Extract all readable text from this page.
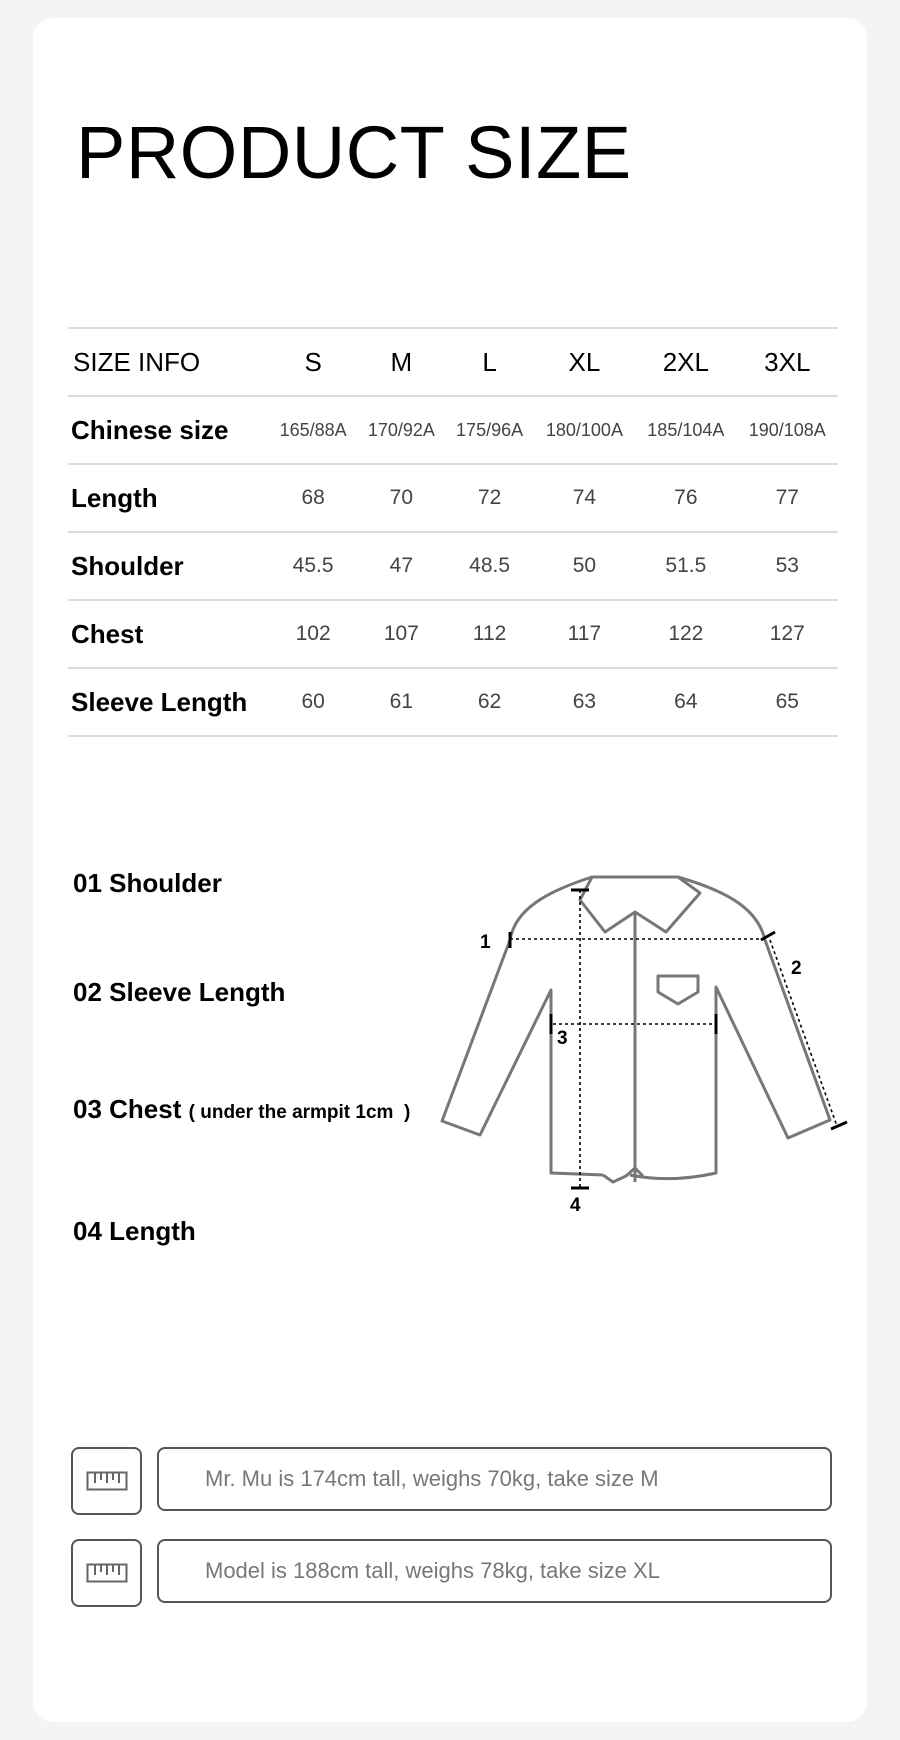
PRODUCT SIZE
SIZE INFO	S	M	L	XL	2XL	3XL
Chinese size	165/88A	170/92A	175/96A	180/100A	185/104A	190/108A
Length	68	70	72	74	76	77
Shoulder	45.5	47	48.5	50	51.5	53
Chest	102	107	112	117	122	127
Sleeve Length	60	61	62	63	64	65
01 Shoulder
02 Sleeve Length
03 Chest ( under the armpit 1cm  )
04 Length
1
2
3
4
Mr. Mu is 174cm tall, weighs 70kg, take size M
Model is 188cm tall, weighs 78kg, take size XL
